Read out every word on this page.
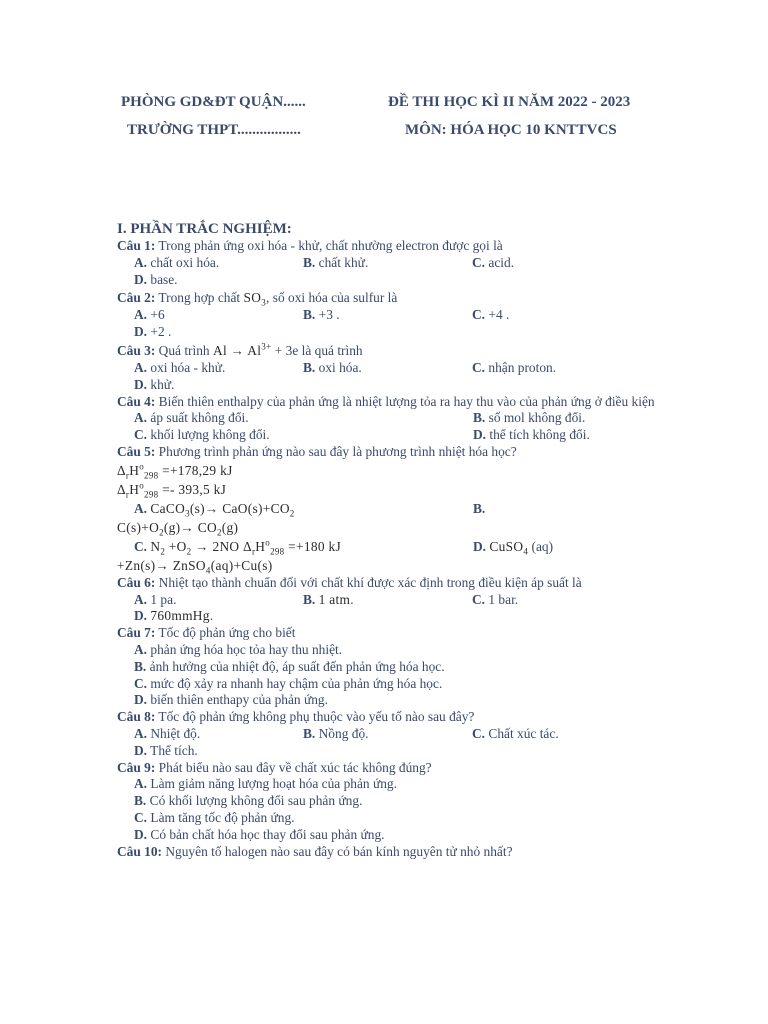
PHÒNG GD&ĐT QUẬN......
TRƯỜNG THPT.................
ĐỀ THI HỌC KÌ II NĂM 2022 - 2023
MÔN: HÓA HỌC 10 KNTTVCS
I. PHẦN TRẮC NGHIỆM:
Câu 1: Trong phản ứng oxi hóa - khử, chất nhường electron được gọi là
A. chất oxi hóa.	B. chất khử.	C. acid.
D. base.
Câu 2: Trong hợp chất $SO_3$, số oxi hóa của sulfur là
A. +6	B. +3 .	C. +4 .
D. +2 .
Câu 3: Quá trình $Al \to Al^{3+} + 3e$ là quá trình
A. oxi hóa - khử.	B. oxi hóa.	C. nhận proton.
D. khử.
Câu 4: Biến thiên enthalpy của phản ứng là nhiệt lượng tỏa ra hay thu vào của phản ứng ở điều kiện
A. áp suất không đổi.	B. số mol không đổi.
C. khối lượng không đổi.	D. thể tích không đổi.
Câu 5: Phương trình phản ứng nào sau đây là phương trình nhiệt hóa học?
$\Delta_rH^o_{298} =+178,29$ kJ
$\Delta_rH^o_{298} =- 393,5$ kJ
A. CaCO$_3$(s)→ $CaO(s)+CO_2$	B.
$C(s)+O_2(g)\to CO_2(g)$
C. $N_2 +O_2 \to 2NO$ $\Delta_rH^o_{298} =+180$ kJ	D. CuSO$_4$ (aq)
+Zn(s)→ ZnSO$_4$(aq)+Cu(s)
Câu 6: Nhiệt tạo thành chuẩn đối với chất khí được xác định trong điều kiện áp suất là
A. 1 pa.	B. 1 atm.	C. 1 bar.
D. 760mmHg.
Câu 7: Tốc độ phản ứng cho biết
A. phản ứng hóa học tỏa hay thu nhiệt.
B. ảnh hưởng của nhiệt độ, áp suất đến phản ứng hóa học.
C. mức độ xảy ra nhanh hay chậm của phản ứng hóa học.
D. biến thiên enthapy của phản ứng.
Câu 8: Tốc độ phản ứng không phụ thuộc vào yếu tố nào sau đây?
A. Nhiệt độ.	B. Nồng độ.	C. Chất xúc tác.
D. Thể tích.
Câu 9: Phát biểu nào sau đây về chất xúc tác không đúng?
A. Làm giảm năng lượng hoạt hóa của phản ứng.
B. Có khối lượng không đổi sau phản ứng.
C. Làm tăng tốc độ phản ứng.
D. Có bản chất hóa học thay đổi sau phản ứng.
Câu 10: Nguyên tố halogen nào sau đây có bán kính nguyên tử nhỏ nhất?
